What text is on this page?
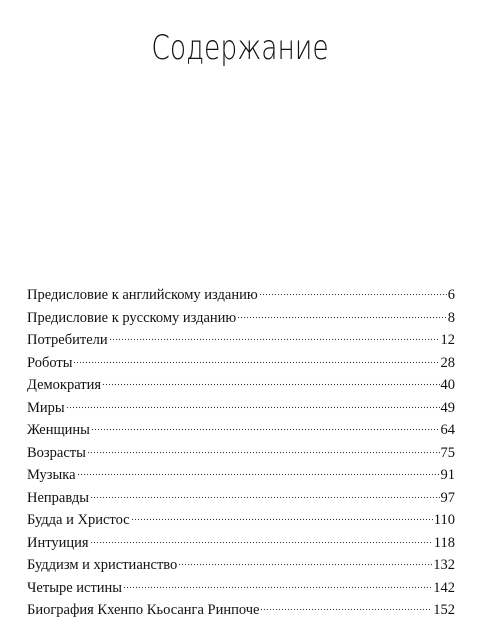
Содержание
Предисловие к английскому изданию	6
Предисловие к русскому изданию	8
Потребители	12
Роботы	28
Демократия	40
Миры	49
Женщины	64
Возрасты	75
Музыка	91
Неправды	97
Будда и Христос	110
Интуиция	118
Буддизм и христианство	132
Четыре истины	142
Биография Кхенпо Кьосанга Ринпоче	152
